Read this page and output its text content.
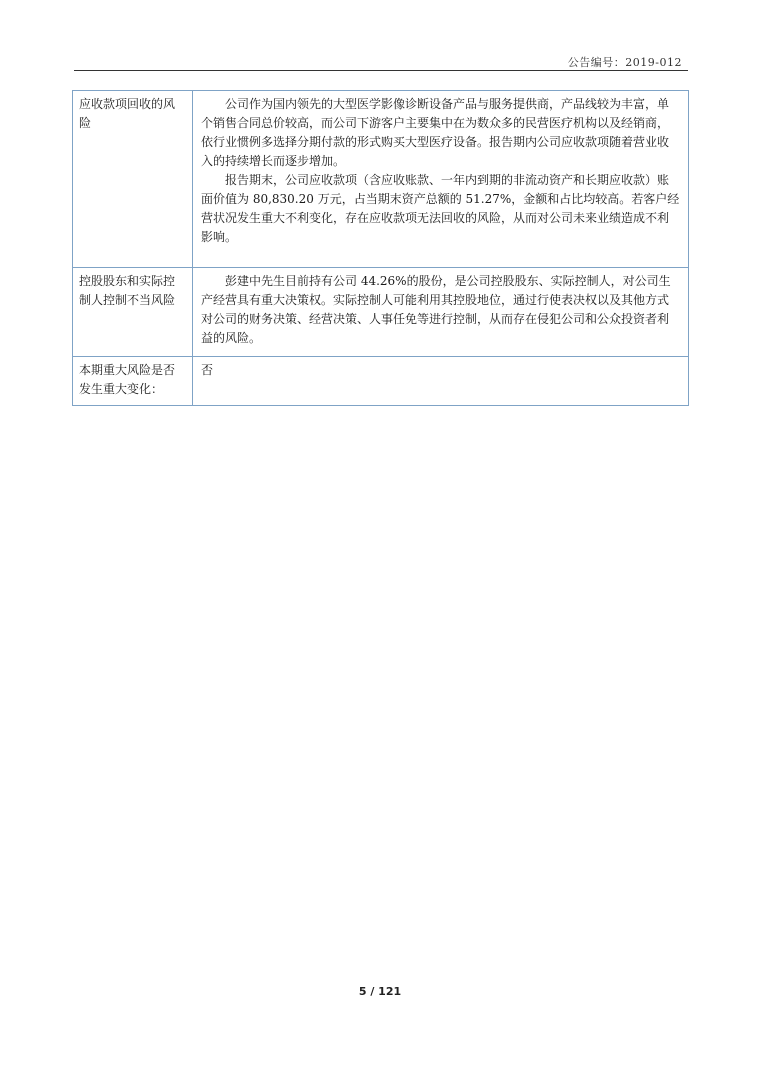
公告编号：2019-012
应收款项回收的风险	公司作为国内领先的大型医学影像诊断设备产品与服务提供商，产品线较为丰富，单个销售合同总价较高，而公司下游客户主要集中在为数众多的民营医疗机构以及经销商，依行业惯例多选择分期付款的形式购买大型医疗设备。报告期内公司应收款项随着营业收入的持续增长而逐步增加。

报告期末，公司应收款项（含应收账款、一年内到期的非流动资产和长期应收款）账面价值为 80,830.20 万元，占当期末资产总额的 51.27%，金额和占比均较高。若客户经营状况发生重大不利变化，存在应收款项无法回收的风险，从而对公司未来业绩造成不利影响。

控股股东和实际控制人控制不当风险	彭建中先生目前持有公司 44.26%的股份，是公司控股股东、实际控制人，对公司生产经营具有重大决策权。实际控制人可能利用其控股地位，通过行使表决权以及其他方式对公司的财务决策、经营决策、人事任免等进行控制，从而存在侵犯公司和公众投资者利益的风险。

本期重大风险是否发生重大变化：	否
5 / 121
